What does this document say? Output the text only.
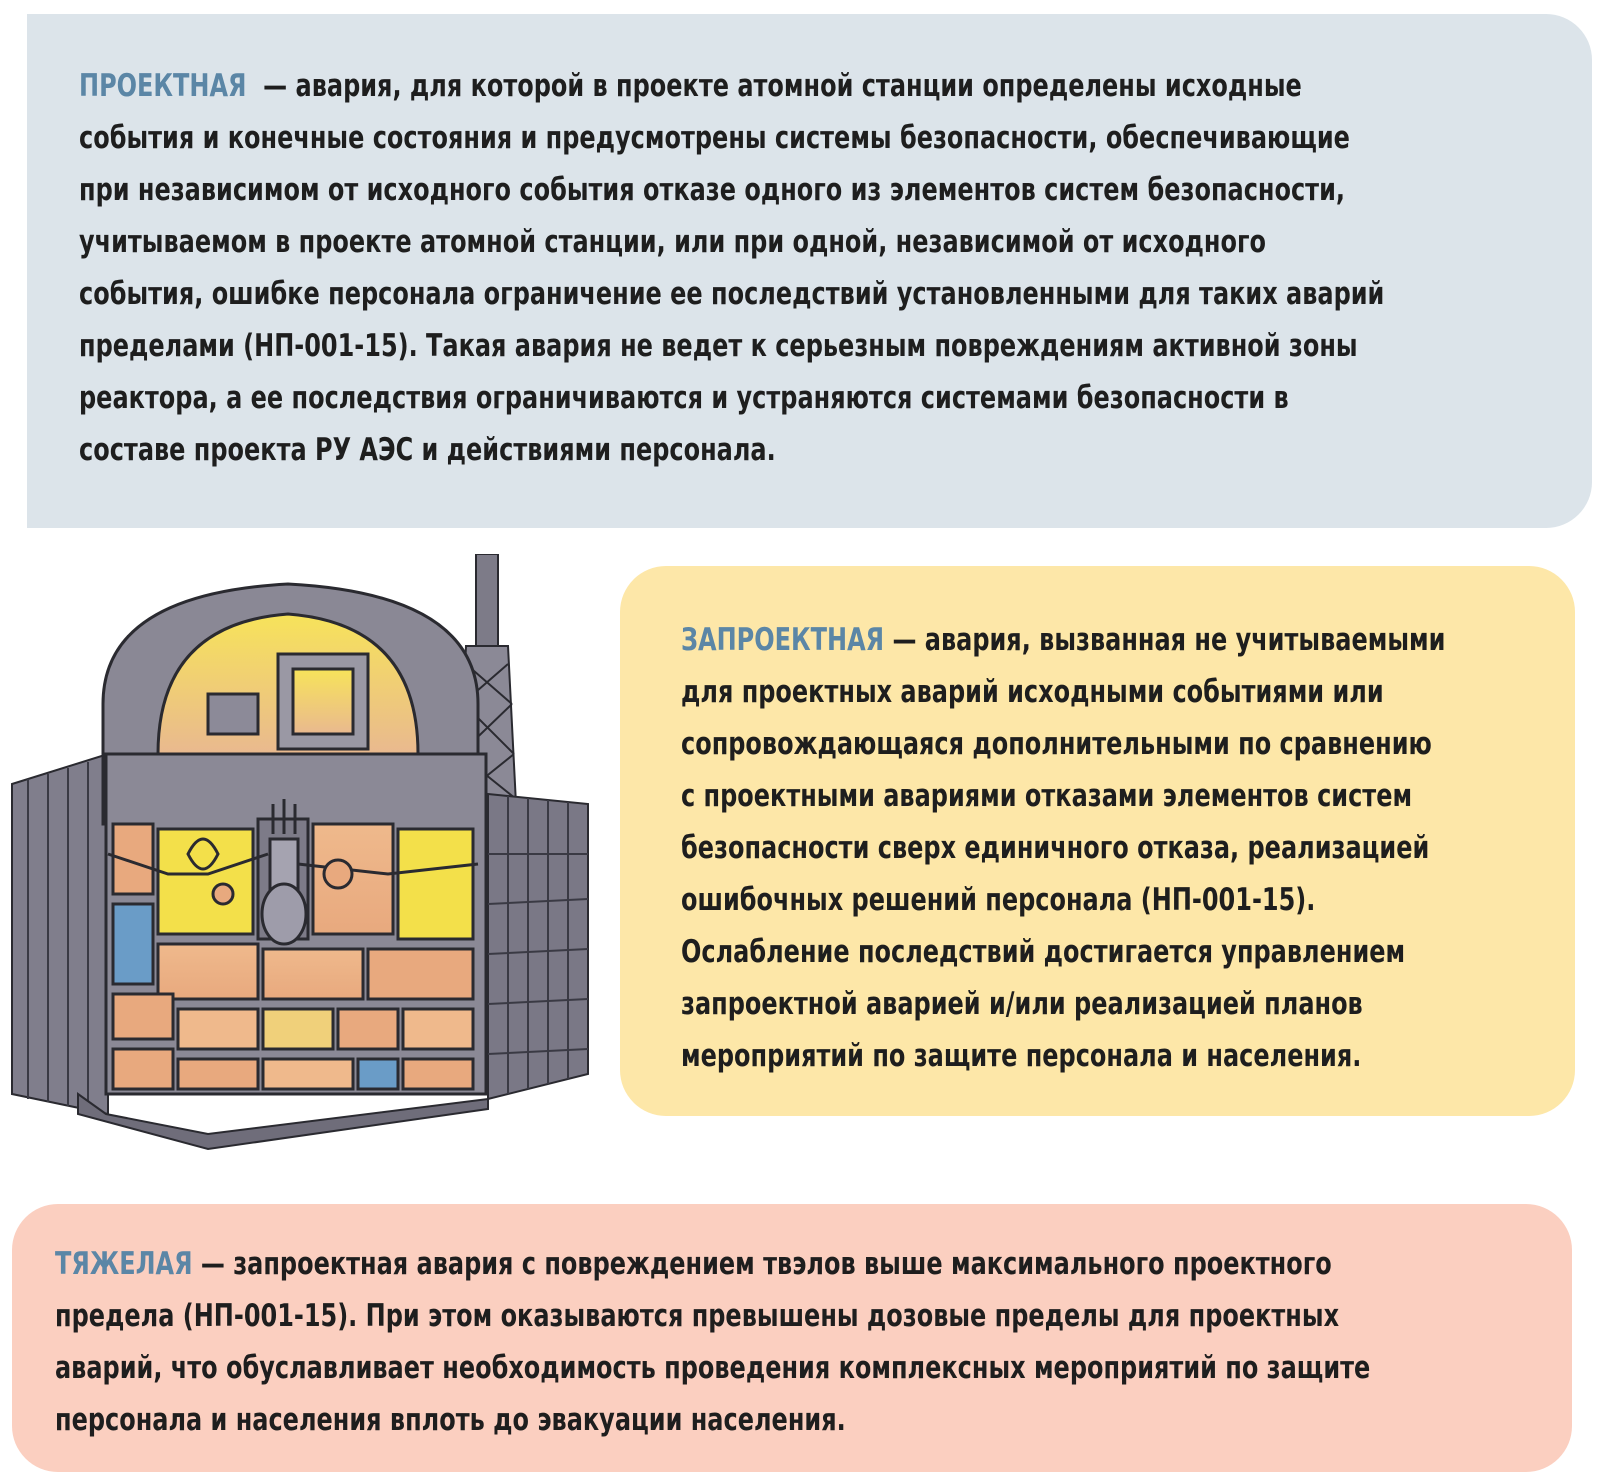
ПРОЕКТНАЯ  — авария, для которой в проекте атомной станции определены исходные
события и конечные состояния и предусмотрены системы безопасности, обеспечивающие
при независимом от исходного события отказе одного из элементов систем безопасности,
учитываемом в проекте атомной станции, или при одной, независимой от исходного
события, ошибке персонала ограничение ее последствий установленными для таких аварий
пределами (НП-001-15). Такая авария не ведет к серьезным повреждениям активной зоны
реактора, а ее последствия ограничиваются и устраняются системами безопасности в
составе проекта РУ АЭС и действиями персонала.

ЗАПРОЕКТНАЯ — авария, вызванная не учитываемыми
для проектных аварий исходными событиями или
сопровождающаяся дополнительными по сравнению
с проектными авариями отказами элементов систем
безопасности сверх единичного отказа, реализацией
ошибочных решений персонала (НП-001-15).
Ослабление последствий достигается управлением
запроектной аварией и/или реализацией планов
мероприятий по защите персонала и населения.

ТЯЖЕЛАЯ — запроектная авария с повреждением твэлов выше максимального проектного
предела (НП-001-15). При этом оказываются превышены дозовые пределы для проектных
аварий, что обуславливает необходимость проведения комплексных мероприятий по защите
персонала и населения вплоть до эвакуации населения.
